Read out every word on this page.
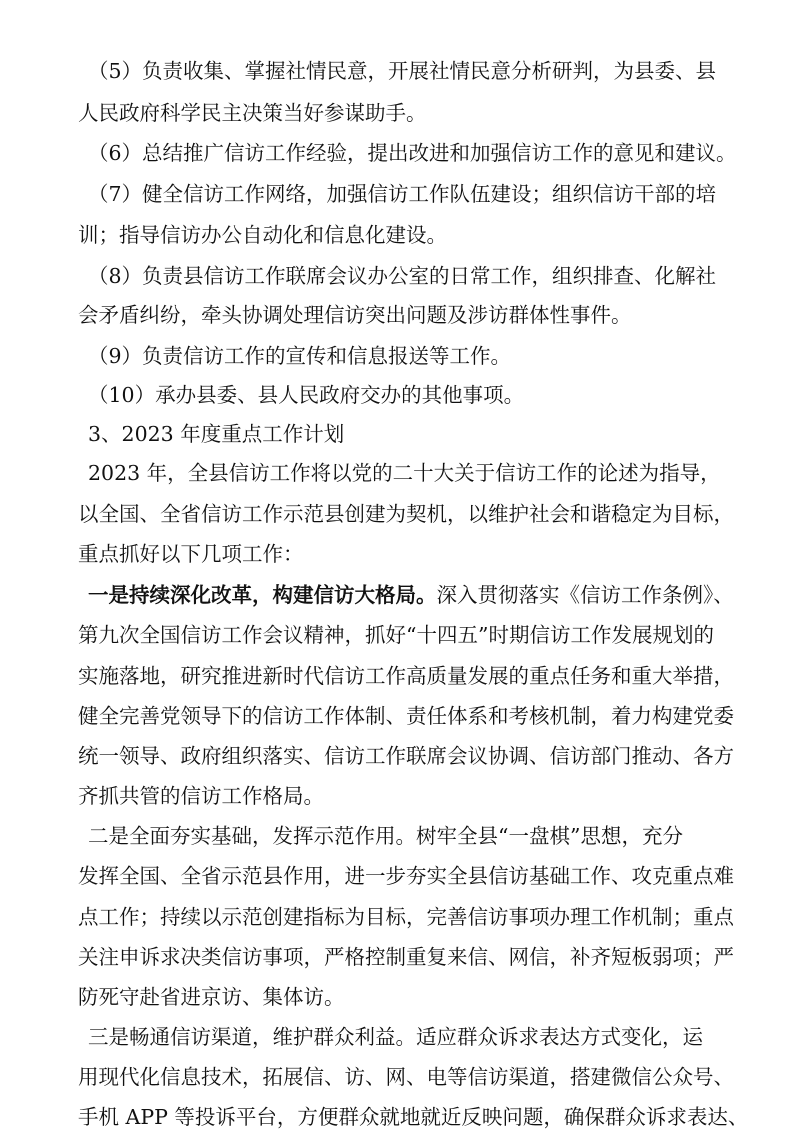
（5）负责收集、掌握社情民意，开展社情民意分析研判，为县委、县
人民政府科学民主决策当好参谋助手。
（6）总结推广信访工作经验，提出改进和加强信访工作的意见和建议。
（7）健全信访工作网络，加强信访工作队伍建设；组织信访干部的培
训；指导信访办公自动化和信息化建设。
（8）负责县信访工作联席会议办公室的日常工作，组织排查、化解社
会矛盾纠纷，牵头协调处理信访突出问题及涉访群体性事件。
（9）负责信访工作的宣传和信息报送等工作。
（10）承办县委、县人民政府交办的其他事项。
3、2023 年度重点工作计划
2023 年，全县信访工作将以党的二十大关于信访工作的论述为指导，
以全国、全省信访工作示范县创建为契机，以维护社会和谐稳定为目标，
重点抓好以下几项工作：
一是持续深化改革，构建信访大格局。深入贯彻落实《信访工作条例》、
第九次全国信访工作会议精神，抓好“十四五”时期信访工作发展规划的
实施落地，研究推进新时代信访工作高质量发展的重点任务和重大举措，
健全完善党领导下的信访工作体制、责任体系和考核机制，着力构建党委
统一领导、政府组织落实、信访工作联席会议协调、信访部门推动、各方
齐抓共管的信访工作格局。
二是全面夯实基础，发挥示范作用。树牢全县“一盘棋”思想，充分
发挥全国、全省示范县作用，进一步夯实全县信访基础工作、攻克重点难
点工作；持续以示范创建指标为目标，完善信访事项办理工作机制；重点
关注申诉求决类信访事项，严格控制重复来信、网信，补齐短板弱项；严
防死守赴省进京访、集体访。
三是畅通信访渠道，维护群众利益。适应群众诉求表达方式变化，运
用现代化信息技术，拓展信、访、网、电等信访渠道，搭建微信公众号、
手机 APP 等投诉平台，方便群众就地就近反映问题，确保群众诉求表达、
